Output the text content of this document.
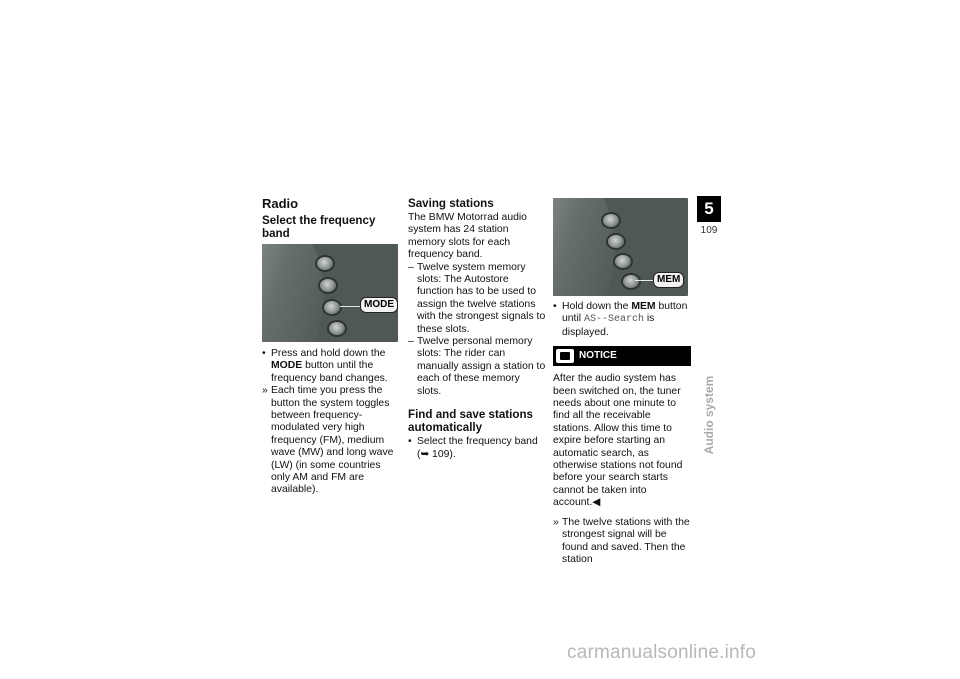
Radio
Select the frequency band
MODE
• Press and hold down the MODE button until the frequency band changes.
» Each time you press the button the system toggles between frequency-modulated very high frequency (FM), medium wave (MW) and long wave (LW) (in some countries only AM and FM are available).
Saving stations

The BMW Motorrad audio system has 24 station memory slots for each frequency band.

– Twelve system memory slots: The Autostore function has to be used to assign the twelve stations with the strongest signals to these slots.
– Twelve personal memory slots: The rider can manually assign a station to each of these memory slots.
Find and save stations automatically
• Select the frequency band
(➥ 109).
MEM
• Hold down the MEM button until AS--Search is displayed.
NOTICE

After the audio system has been switched on, the tuner needs about one minute to find all the receivable stations. Allow this time to expire before starting an automatic search, as otherwise stations not found before your search starts cannot be taken into account.◀

» The twelve stations with the strongest signal will be found and saved. Then the station
5
109
Audio system
carmanualsonline.info
